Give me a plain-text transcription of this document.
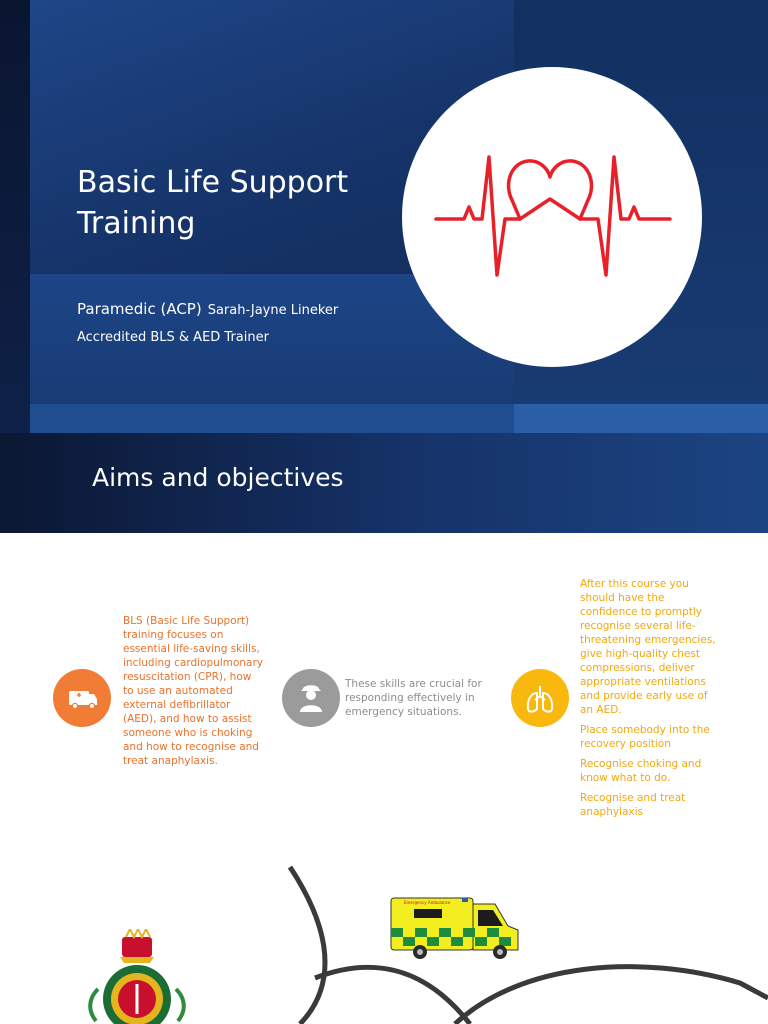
Basic Life Support Training
Paramedic (ACP) Sarah-Jayne Lineker
Accredited BLS & AED Trainer
Aims and objectives

BLS (Basic Life Support) training focuses on essential life-saving skills, including cardiopulmonary resuscitation (CPR), how to use an automated external defibrillator (AED), and how to assist someone who is choking and how to recognise and treat anaphylaxis.

These skills are crucial for responding effectively in emergency situations.

After this course you should have the confidence to promptly recognise several life-threatening emergencies, give high-quality chest compressions, deliver appropriate ventilations and provide early use of an AED.

Place somebody into the recovery position

Recognise choking and know what to do.

Recognise and treat anaphylaxis

Emergency Ambulance
